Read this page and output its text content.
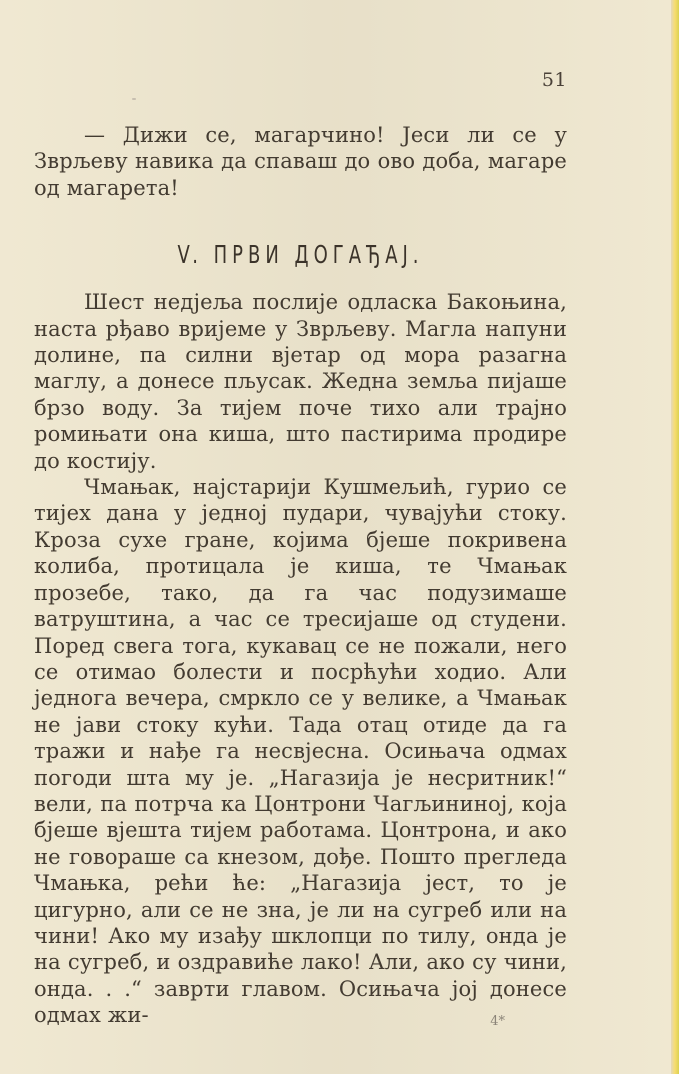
51

— Дижи се, магарчино! Јеси ли се у Зврљеву навика да спаваш до ово доба, магаре од магарета!

V. ПРВИ ДОГАЂАЈ.

Шест недјеља послије одласка Бакоњина, наста рђаво вријеме у Зврљеву. Магла напуни долине, па силни вјетар од мора разагна маглу, а донесе пљусак. Жедна земља пијаше брзо воду. За тијем поче тихо али трајно ромињати она киша, што пастирима продире до костију.

Чмањак, најстарији Кушмељић, гурио се тијех дана у једној пудари, чувајући стоку. Кроза сухе гране, којима бјеше покривена колиба, протицала је киша, те Чмањак прозебе, тако, да га час подузимаше ватруштина, а час се тресијаше од студени. Поред свега тога, кукавац се не пожали, него се отимао болести и посрћући ходио. Али једнога вечера, смркло се у велике, а Чмањак не јави стоку кући. Тада отац отиде да га тражи и нађе га несвјесна. Осињача одмах погоди шта му је. „Нагазија је несритник!“ вели, па потрча ка Цонтрони Чагљининој, која бјеше вјешта тијем работама. Цонтрона, и ако не говораше са кнезом, дође. Пошто прегледа Чмањка, рећи ће: „Нагазија јест, то је цигурно, али се не зна, је ли на сугреб или на чини! Ако му изађу шклопци по тилу, онда је на сугреб, и оздравиће лако! Али, ако су чини, онда. . .“ заврти главом. Осињача јој донесе одмах жи-	4*
